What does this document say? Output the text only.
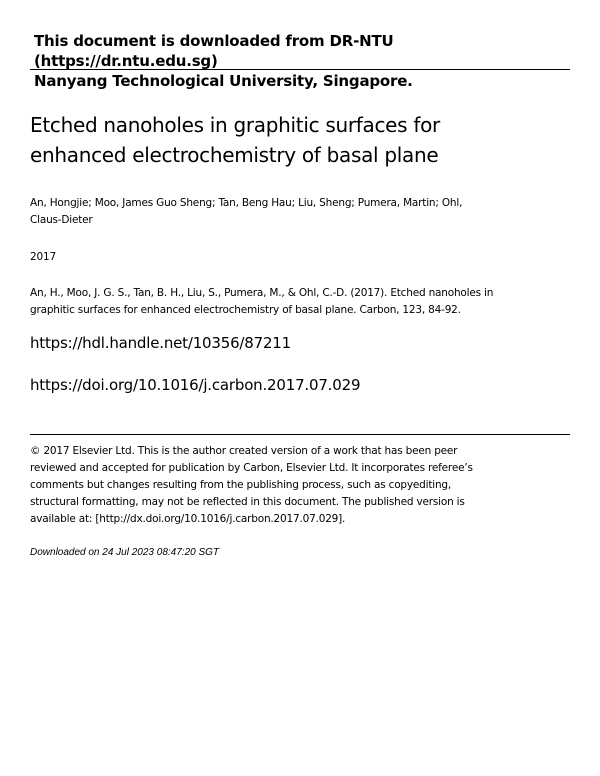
This document is downloaded from DR-NTU (https://dr.ntu.edu.sg)
Nanyang Technological University, Singapore.
Etched nanoholes in graphitic surfaces for
enhanced electrochemistry of basal plane
An, Hongjie; Moo, James Guo Sheng; Tan, Beng Hau; Liu, Sheng; Pumera, Martin; Ohl,
Claus-Dieter
2017
An, H., Moo, J. G. S., Tan, B. H., Liu, S., Pumera, M., & Ohl, C.-D. (2017). Etched nanoholes in
graphitic surfaces for enhanced electrochemistry of basal plane. Carbon, 123, 84-92.
https://hdl.handle.net/10356/87211
https://doi.org/10.1016/j.carbon.2017.07.029
© 2017 Elsevier Ltd. This is the author created version of a work that has been peer
reviewed and accepted for publication by Carbon, Elsevier Ltd. It incorporates referee’s
comments but changes resulting from the publishing process, such as copyediting,
structural formatting, may not be reflected in this document. The published version is
available at: [http://dx.doi.org/10.1016/j.carbon.2017.07.029].
Downloaded on 24 Jul 2023 08:47:20 SGT
